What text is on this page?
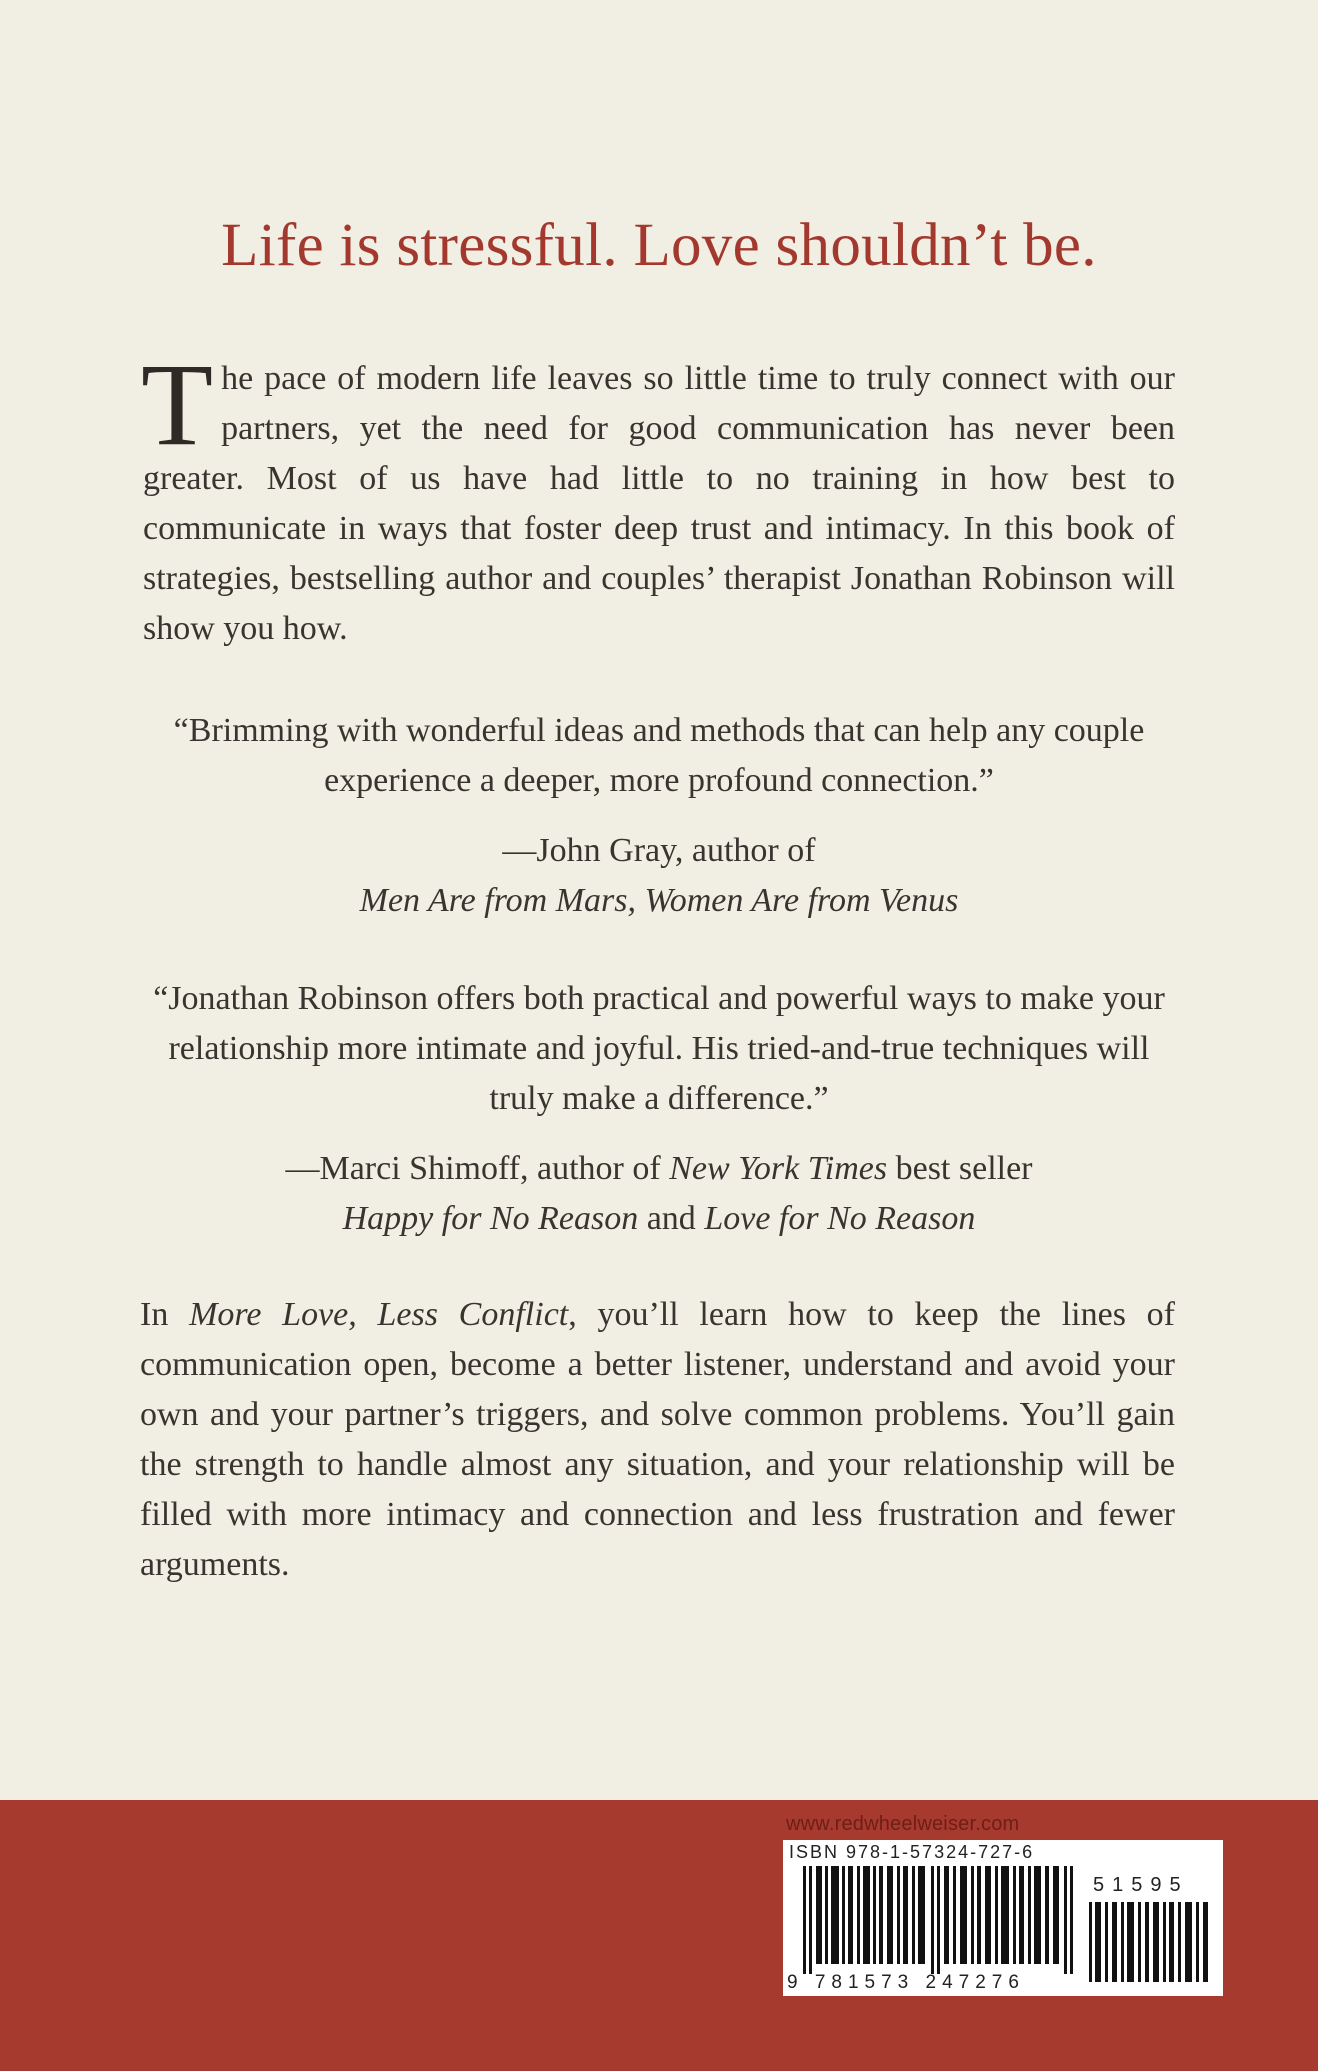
Life is stressful. Love shouldn’t be.

The pace of modern life leaves so little time to truly connect with our partners, yet the need for good communication has never been greater. Most of us have had little to no training in how best to communicate in ways that foster deep trust and intimacy. In this book of strategies, bestselling author and couples’ therapist Jonathan Robinson will show you how.

“Brimming with wonderful ideas and methods that can help any couple experience a deeper, more profound connection.”

—John Gray, author of
Men Are from Mars, Women Are from Venus

“Jonathan Robinson offers both practical and powerful ways to make your relationship more intimate and joyful. His tried-and-true techniques will truly make a difference.”

—Marci Shimoff, author of New York Times best seller
Happy for No Reason and Love for No Reason

In More Love, Less Conflict, you’ll learn how to keep the lines of communication open, become a better listener, understand and avoid your own and your partner’s triggers, and solve common problems. You’ll gain the strength to handle almost any situation, and your relationship will be filled with more intimacy and connection and less frustration and fewer arguments.

www.redwheelweiser.com
ISBN 978-1-57324-727-6
9 781573 247276
51595
